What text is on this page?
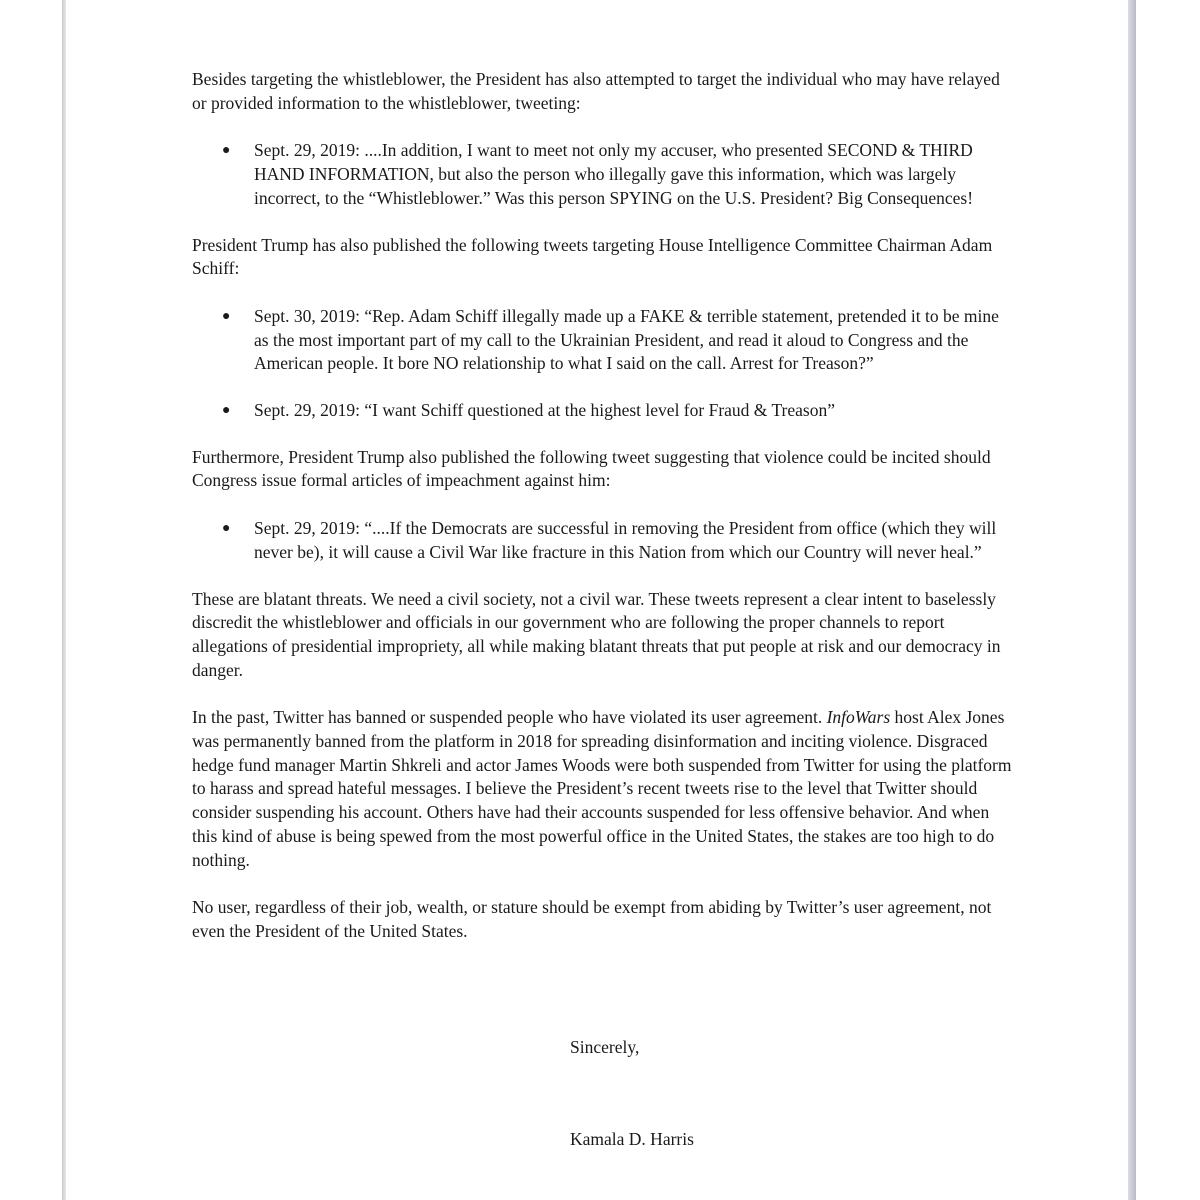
Besides targeting the whistleblower, the President has also attempted to target the individual who may have relayed or provided information to the whistleblower, tweeting:

● Sept. 29, 2019: ....In addition, I want to meet not only my accuser, who presented SECOND & THIRD HAND INFORMATION, but also the person who illegally gave this information, which was largely incorrect, to the “Whistleblower.” Was this person SPYING on the U.S. President? Big Consequences!

President Trump has also published the following tweets targeting House Intelligence Committee Chairman Adam Schiff:

● Sept. 30, 2019: “Rep. Adam Schiff illegally made up a FAKE & terrible statement, pretended it to be mine as the most important part of my call to the Ukrainian President, and read it aloud to Congress and the American people. It bore NO relationship to what I said on the call. Arrest for Treason?”

● Sept. 29, 2019: “I want Schiff questioned at the highest level for Fraud & Treason”

Furthermore, President Trump also published the following tweet suggesting that violence could be incited should Congress issue formal articles of impeachment against him:

● Sept. 29, 2019: “....If the Democrats are successful in removing the President from office (which they will never be), it will cause a Civil War like fracture in this Nation from which our Country will never heal.”

These are blatant threats. We need a civil society, not a civil war. These tweets represent a clear intent to baselessly discredit the whistleblower and officials in our government who are following the proper channels to report allegations of presidential impropriety, all while making blatant threats that put people at risk and our democracy in danger.

In the past, Twitter has banned or suspended people who have violated its user agreement. InfoWars host Alex Jones was permanently banned from the platform in 2018 for spreading disinformation and inciting violence. Disgraced hedge fund manager Martin Shkreli and actor James Woods were both suspended from Twitter for using the platform to harass and spread hateful messages. I believe the President’s recent tweets rise to the level that Twitter should consider suspending his account. Others have had their accounts suspended for less offensive behavior. And when this kind of abuse is being spewed from the most powerful office in the United States, the stakes are too high to do nothing.

No user, regardless of their job, wealth, or stature should be exempt from abiding by Twitter’s user agreement, not even the President of the United States.

Sincerely,
Kamala D. Harris
